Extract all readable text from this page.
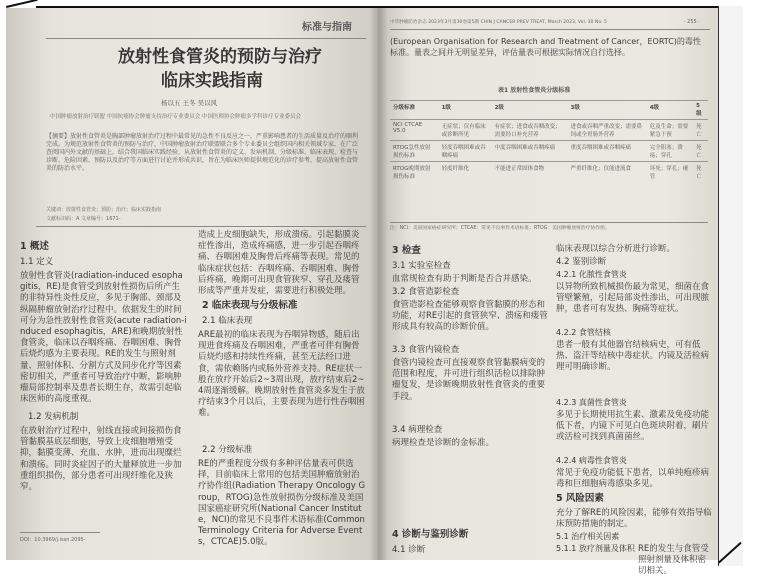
标准与指南
放射性食管炎的预防与治疗
临床实践指南
杨以五 王冬 吴以风
中国肿瘤放射治疗联盟 中国抗癌协会肿瘤支持治疗专业委员会 中国医师协会肿瘤多学科诊疗专业委员会
【摘要】放射性食管炎是胸部肿瘤放射治疗过程中最常见的急性不良反应之一，严重影响患者的生活质量及治疗的顺利完成。为规范放射性食管炎的预防与治疗，中国肿瘤放射治疗联盟联合多个专业委员会组织国内相关领域专家，在广泛查阅国内外文献的基础上，结合我国临床实践经验，从放射性食管炎的定义、发病机制、分级标准、临床表现、检查与诊断、危险因素、预防以及治疗等方面进行讨论并形成共识，旨在为临床医师提供规范化的诊疗参考，提高放射性食管炎的防治水平。
关键词：放射性食管炎；预防；治疗；临床实践指南
文献标识码：A 文章编号：1671-
1 概述
1.1 定义
放射性食管炎(radiation-induced esophagitis，RE)是食管受到放射性损伤后所产生的非特异性炎性反应，多见于胸部、颈部及纵隔肿瘤放射治疗过程中。依据发生的时间可分为急性放射性食管炎(acute radiation-induced esophagitis，ARE)和晚期放射性食管炎，临床以吞咽疼痛、吞咽困难、胸骨后烧灼感为主要表现。RE的发生与照射剂量、照射体积、分割方式及同步化疗等因素密切相关，严重者可导致治疗中断，影响肿瘤局部控制率及患者长期生存，故需引起临床医师的高度重视。
1.2 发病机制
在放射治疗过程中，射线直接或间接损伤食管黏膜基底层细胞，导致上皮细胞增殖受抑，黏膜变薄、充血、水肿，进而出现糜烂和溃疡。同时炎症因子的大量释放进一步加重组织损伤，部分患者可出现纤维化及狭窄。
DOI：10.3969/j.issn.2095-
造成上皮细胞缺失，形成溃疡。引起黏膜炎症性渗出，造成疼痛感，进一步引起吞咽疼痛、吞咽困难及胸骨后疼痛等表现。常见的临床症状包括：吞咽疼痛、吞咽困难、胸骨后疼痛，晚期可出现食管狭窄、穿孔及瘘管形成等严重并发症，需要进行积极处理。
2 临床表现与分级标准
2.1 临床表现
ARE最初的临床表现为吞咽异物感，随后出现进食疼痛及吞咽困难，严重者可伴有胸骨后烧灼感和持续性疼痛，甚至无法经口进食，需依赖肠内或肠外营养支持。RE症状一般在放疗开始后2~3周出现，放疗结束后2~4周逐渐缓解。晚期放射性食管炎多发生于放疗结束3个月以后，主要表现为进行性吞咽困难。
2.2 分级标准
RE的严重程度分级有多种评估量表可供选择，目前临床上常用的包括美国肿瘤放射治疗协作组(Radiation Therapy Oncology Group，RTOG)急性放射损伤分级标准及美国国家癌症研究所(National Cancer Institute，NCI)的常见不良事件术语标准(Common Terminology Criteria for Adverse Events，CTCAE)5.0版。
中华肿瘤防治杂志 2023年3月第30卷第5期 CHIN J CANCER PREV TREAT, March 2023, Vol. 30 No. 5	· 255 ·
(European Organisation for Research and Treatment of Cancer，EORTC)的毒性标准。量表之间并无明显差异，评估量表可根据实际情况自行选择。
表1 放射性食管炎分级标准
分级标准	1级	2级	3级	4级	5级
NCI CTCAE V5.0	无症状；仅有临床或诊断所见	有症状；进食或吞咽改变；需要经口补充营养	进食或吞咽严重改变；需要鼻饲或全胃肠外营养	危及生命；需要紧急干预	死亡
RTOG急性放射损伤标准	轻度吞咽困难或吞咽疼痛	中度吞咽困难或吞咽疼痛	重度吞咽困难或吞咽疼痛	完全阻塞；溃疡；穿孔	死亡
RTOG晚期放射损伤标准	轻度纤维化	不能进正常固体食物	严重纤维化；仅能进流食	坏死；穿孔；瘘管	死亡
注：NCI：美国国家癌症研究所；CTCAE：常见不良事件术语标准；RTOG：美国肿瘤放射治疗协作组。
3 检查
3.1 实验室检查
血常规检查有助于判断是否合并感染。
3.2 食管造影检查
食管造影检查能够观察食管黏膜的形态和功能，对RE引起的食管狭窄、溃疡和瘘管形成具有较高的诊断价值。
3.3 食管内镜检查
食管内镜检查可直接观察食管黏膜病变的范围和程度，并可进行组织活检以排除肿瘤复发，是诊断晚期放射性食管炎的重要手段。
3.4 病理检查
病理检查是诊断的金标准。
4 诊断与鉴别诊断
4.1 诊断
临床表现以综合分析进行诊断。
4.2 鉴别诊断
4.2.1 化脓性食管炎
以异物所致机械损伤最为常见，细菌在食管壁繁殖，引起局部炎性渗出，可出现脓肿，患者可有发热、胸痛等症状。
4.2.2 食管结核
患者一般有其他器官结核病史，可有低热、盗汗等结核中毒症状。内镜及活检病理可明确诊断。
4.2.3 真菌性食管炎
多见于长期使用抗生素、激素及免疫功能低下者，内镜下可见白色斑块附着，刷片或活检可找到真菌菌丝。
4.2.4 病毒性食管炎
常见于免疫功能低下患者，以单纯疱疹病毒和巨细胞病毒感染多见。
5 风险因素
充分了解RE的风险因素，能够有效指导临床预防措施的制定。
5.1 治疗相关因素
5.1.1 放疗剂量及体积 RE的发生与食管受照射剂量及体积密切相关。
